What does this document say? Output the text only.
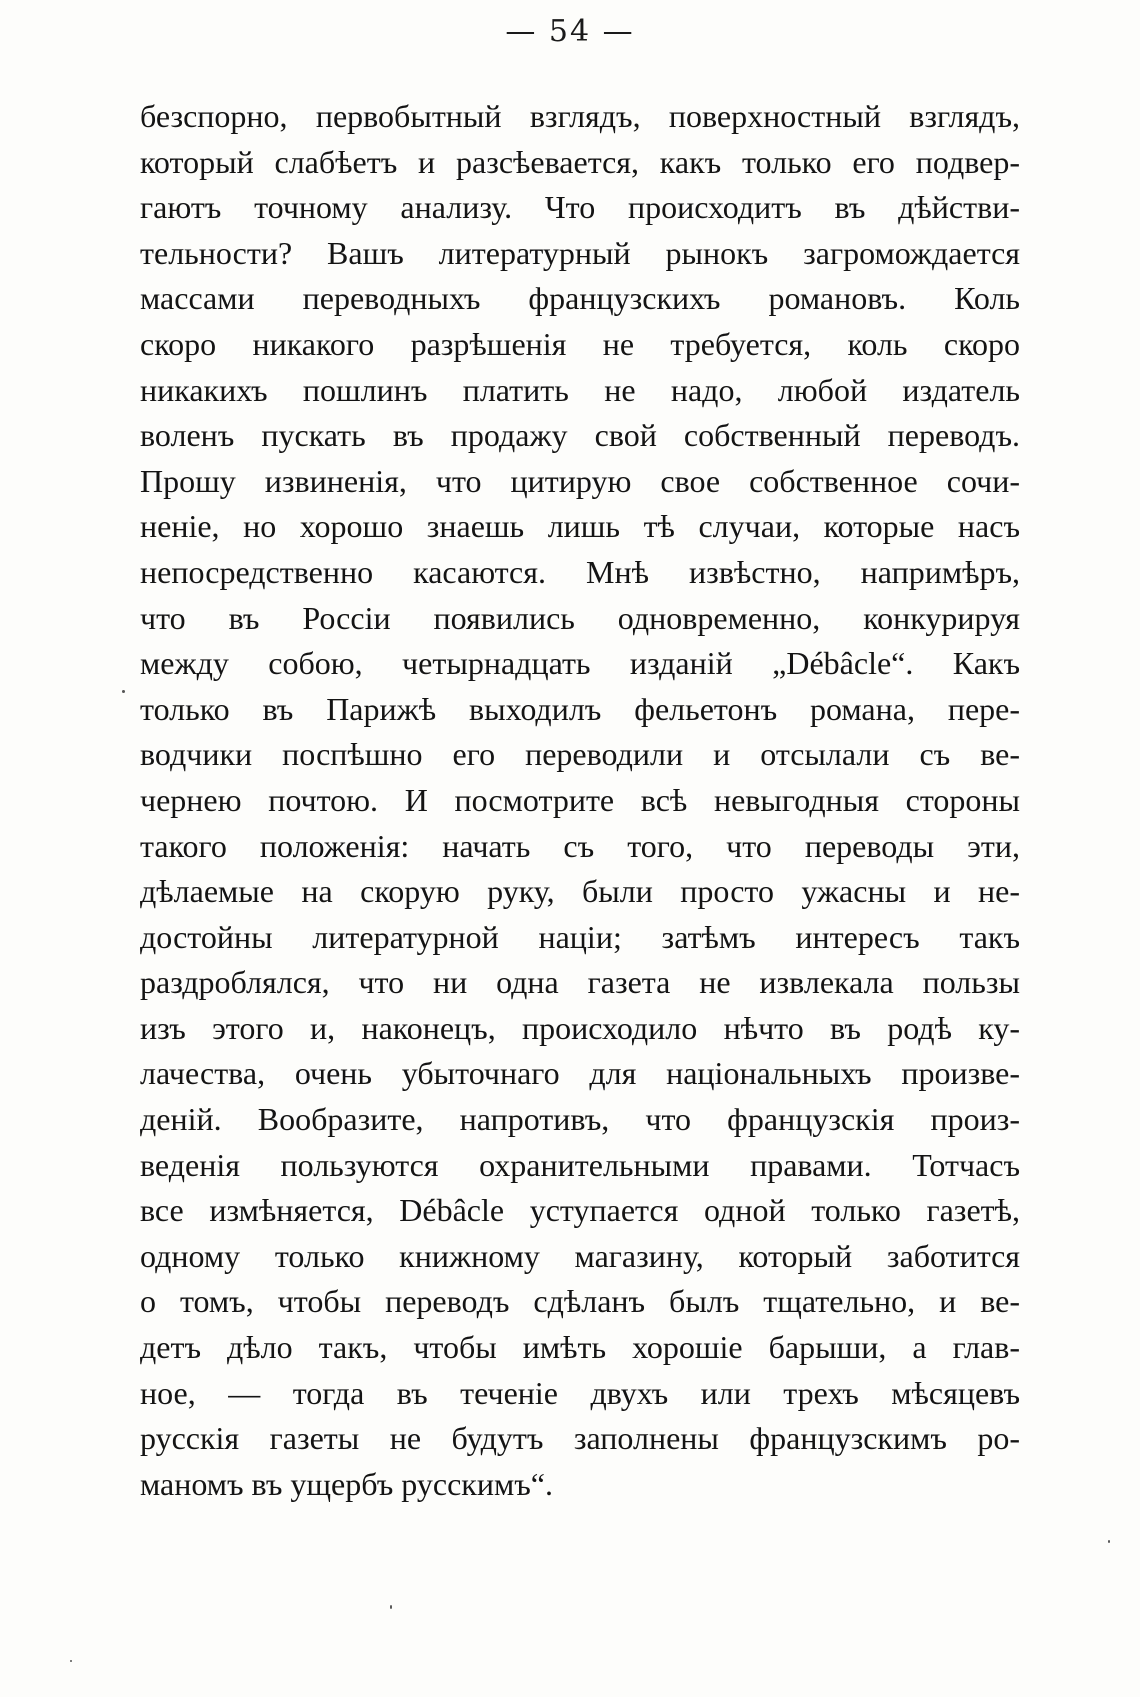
— 54 —
безспорно, первобытный взглядъ, поверхностный взглядъ,
который слабѣетъ и разсѣевается, какъ только его подвер-
гаютъ точному анализу. Что происходитъ въ дѣйстви-
тельности? Вашъ литературный рынокъ загромождается
массами переводныхъ французскихъ романовъ. Коль
скоро никакого разрѣшенія не требуется, коль скоро
никакихъ пошлинъ платить не надо, любой издатель
воленъ пускать въ продажу свой собственный переводъ.
Прошу извиненія, что цитирую свое собственное сочи-
неніе, но хорошо знаешь лишь тѣ случаи, которые насъ
непосредственно касаются. Мнѣ извѣстно, напримѣръ,
что въ Россіи появились одновременно, конкурируя
между собою, четырнадцать изданій „Débâcle“. Какъ
только въ Парижѣ выходилъ фельетонъ романа, пере-
водчики поспѣшно его переводили и отсылали съ ве-
чернею почтою. И посмотрите всѣ невыгодныя стороны
такого положенія: начать съ того, что переводы эти,
дѣлаемые на скорую руку, были просто ужасны и не-
достойны литературной націи; затѣмъ интересъ такъ
раздроблялся, что ни одна газета не извлекала пользы
изъ этого и, наконецъ, происходило нѣчто въ родѣ ку-
лачества, очень убыточнаго для національныхъ произве-
деній. Вообразите, напротивъ, что французскія произ-
веденія пользуются охранительными правами. Тотчасъ
все измѣняется, Débâcle уступается одной только газетѣ,
одному только книжному магазину, который заботится
о томъ, чтобы переводъ сдѣланъ былъ тщательно, и ве-
детъ дѣло такъ, чтобы имѣть хорошіе барыши, а глав-
ное, — тогда въ теченіе двухъ или трехъ мѣсяцевъ
русскія газеты не будутъ заполнены французскимъ ро-
маномъ въ ущербъ русскимъ“.
